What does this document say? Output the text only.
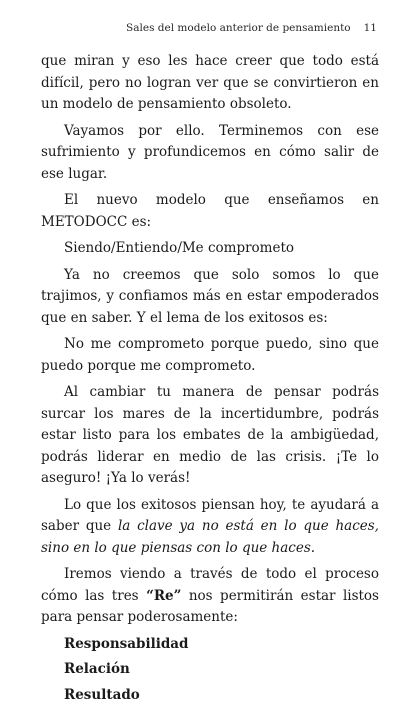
Sales del modelo anterior de pensamiento 11

que miran y eso les hace creer que todo está difícil, pero no logran ver que se convirtieron en un modelo de pensamiento obsoleto.

Vayamos por ello. Terminemos con ese sufrimiento y profundicemos en cómo salir de ese lugar.

El nuevo modelo que enseñamos en METODOCC es:

Siendo/Entiendo/Me comprometo

Ya no creemos que solo somos lo que trajimos, y confiamos más en estar empoderados que en saber. Y el lema de los exitosos es:

No me comprometo porque puedo, sino que puedo porque me comprometo.

Al cambiar tu manera de pensar podrás surcar los mares de la incertidumbre, podrás estar listo para los embates de la ambigüedad, podrás liderar en medio de las crisis. ¡Te lo aseguro! ¡Ya lo verás!

Lo que los exitosos piensan hoy, te ayudará a saber que la clave ya no está en lo que haces, sino en lo que piensas con lo que haces.

Iremos viendo a través de todo el proceso cómo las tres “Re” nos permitirán estar listos para pensar poderosamente:

Responsabilidad
Relación
Resultado
